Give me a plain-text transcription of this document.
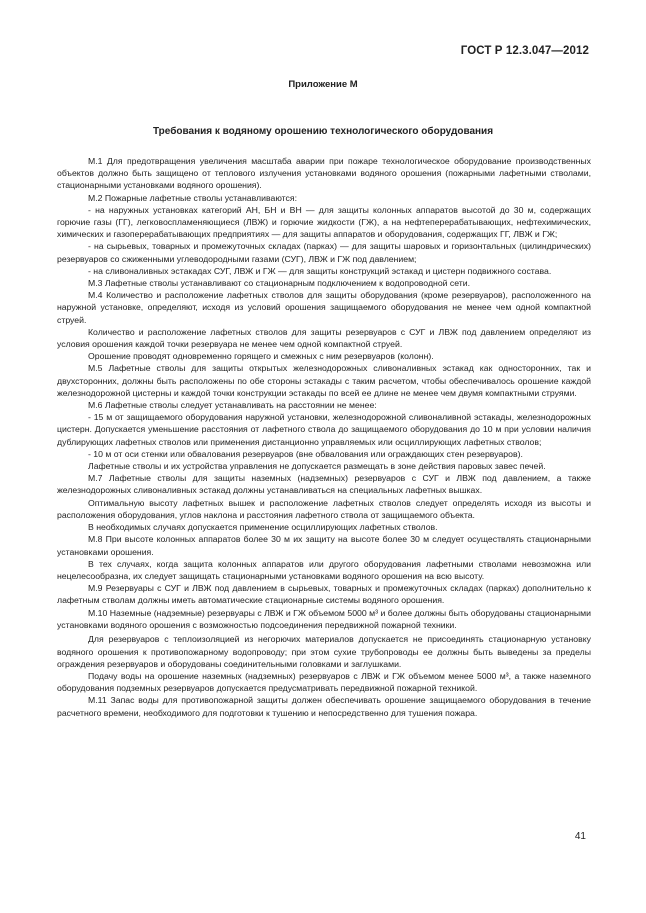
ГОСТ Р 12.3.047—2012
Приложение М
Требования к водяному орошению технологического оборудования

М.1 Для предотвращения увеличения масштаба аварии при пожаре технологическое оборудование производственных объектов должно быть защищено от теплового излучения установками водяного орошения (пожарными лафетными стволами, стационарными установками водяного орошения).

М.2 Пожарные лафетные стволы устанавливаются:

- на наружных установках категорий АН, БН и ВН — для защиты колонных аппаратов высотой до 30 м, содержащих горючие газы (ГГ), легковоспламеняющиеся (ЛВЖ) и горючие жидкости (ГЖ), а на нефтеперерабатывающих, нефтехимических, химических и газоперерабатывающих предприятиях — для защиты аппаратов и оборудования, содержащих ГГ, ЛВЖ и ГЖ;

- на сырьевых, товарных и промежуточных складах (парках) — для защиты шаровых и горизонтальных (цилиндрических) резервуаров со сжиженными углеводородными газами (СУГ), ЛВЖ и ГЖ под давлением;

- на сливоналивных эстакадах СУГ, ЛВЖ и ГЖ — для защиты конструкций эстакад и цистерн подвижного состава.

М.3 Лафетные стволы устанавливают со стационарным подключением к водопроводной сети.

М.4 Количество и расположение лафетных стволов для защиты оборудования (кроме резервуаров), расположенного на наружной установке, определяют, исходя из условий орошения защищаемого оборудования не менее чем одной компактной струей.

Количество и расположение лафетных стволов для защиты резервуаров с СУГ и ЛВЖ под давлением определяют из условия орошения каждой точки резервуара не менее чем одной компактной струей.

Орошение проводят одновременно горящего и смежных с ним резервуаров (колонн).

М.5 Лафетные стволы для защиты открытых железнодорожных сливоналивных эстакад как односторонних, так и двухсторонних, должны быть расположены по обе стороны эстакады с таким расчетом, чтобы обеспечивалось орошение каждой железнодорожной цистерны и каждой точки конструкции эстакады по всей ее длине не менее чем двумя компактными струями.

М.6 Лафетные стволы следует устанавливать на расстоянии не менее:

- 15 м от защищаемого оборудования наружной установки, железнодорожной сливоналивной эстакады, железнодорожных цистерн. Допускается уменьшение расстояния от лафетного ствола до защищаемого оборудования до 10 м при условии наличия дублирующих лафетных стволов или применения дистанционно управляемых или осциллирующих лафетных стволов;

- 10 м от оси стенки или обвалования резервуаров (вне обвалования или ограждающих стен резервуаров).

Лафетные стволы и их устройства управления не допускается размещать в зоне действия паровых завес печей.

М.7 Лафетные стволы для защиты наземных (надземных) резервуаров с СУГ и ЛВЖ под давлением, а также железнодорожных сливоналивных эстакад должны устанавливаться на специальных лафетных вышках.

Оптимальную высоту лафетных вышек и расположение лафетных стволов следует определять исходя из высоты и расположения оборудования, углов наклона и расстояния лафетного ствола от защищаемого объекта.

В необходимых случаях допускается применение осциллирующих лафетных стволов.

М.8 При высоте колонных аппаратов более 30 м их защиту на высоте более 30 м следует осуществлять стационарными установками орошения.

В тех случаях, когда защита колонных аппаратов или другого оборудования лафетными стволами невозможна или нецелесообразна, их следует защищать стационарными установками водяного орошения на всю высоту.

М.9 Резервуары с СУГ и ЛВЖ под давлением в сырьевых, товарных и промежуточных складах (парках) дополнительно к лафетным стволам должны иметь автоматические стационарные системы водяного орошения.

М.10 Наземные (надземные) резервуары с ЛВЖ и ГЖ объемом 5000 м³ и более должны быть оборудованы стационарными установками водяного орошения с возможностью подсоединения передвижной пожарной техники.

Для резервуаров с теплоизоляцией из негорючих материалов допускается не присоединять стационарную установку водяного орошения к противопожарному водопроводу; при этом сухие трубопроводы ее должны быть выведены за пределы ограждения резервуаров и оборудованы соединительными головками и заглушками.

Подачу воды на орошение наземных (надземных) резервуаров с ЛВЖ и ГЖ объемом менее 5000 м³, а также наземного оборудования подземных резервуаров допускается предусматривать передвижной пожарной техникой.

М.11 Запас воды для противопожарной защиты должен обеспечивать орошение защищаемого оборудования в течение расчетного времени, необходимого для подготовки к тушению и непосредственно для тушения пожара.

41
